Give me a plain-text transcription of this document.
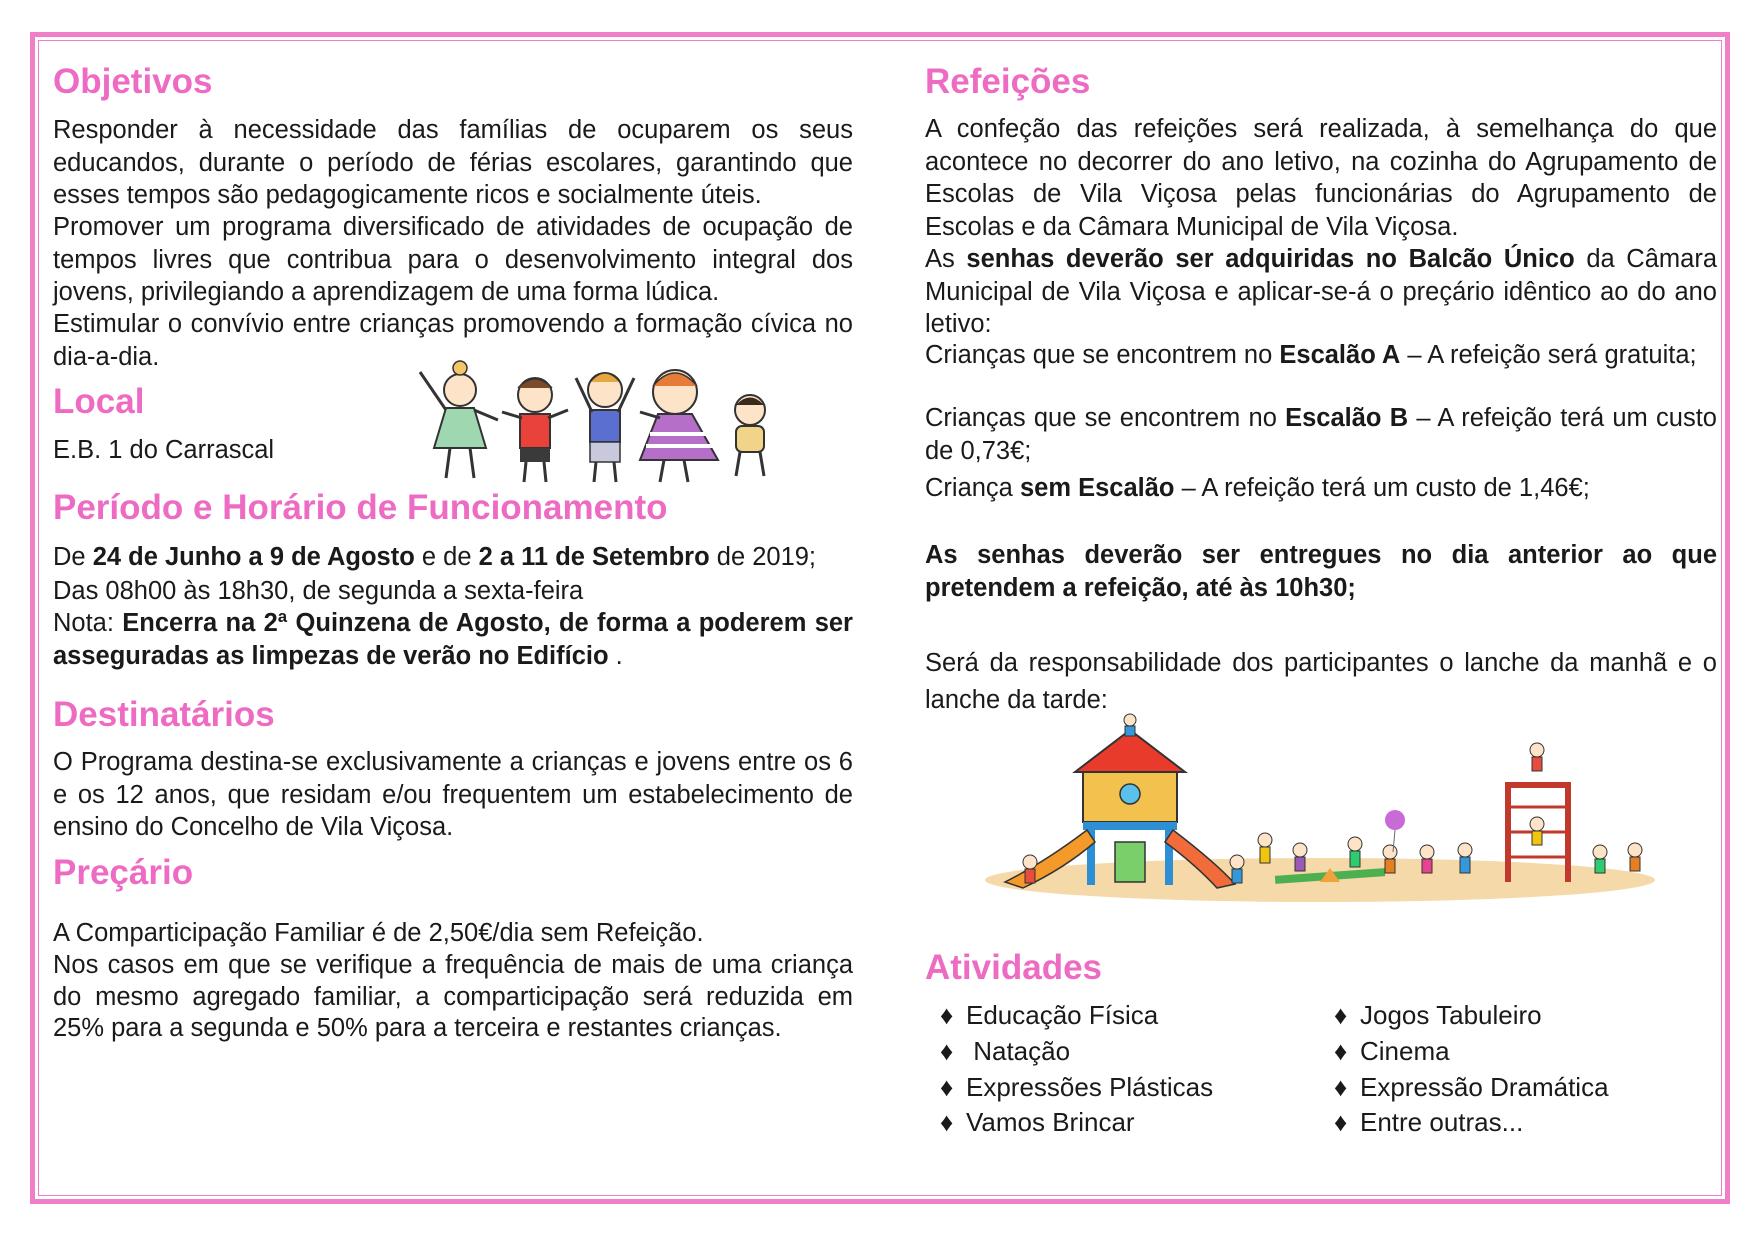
Objetivos

Responder à necessidade das famílias de ocuparem os seus educandos, durante o período de férias escolares, garantindo que esses tempos são pedagogicamente ricos e socialmente úteis.

Promover um programa diversificado de atividades de ocupação de tempos livres que contribua para o desenvolvimento integral dos jovens, privilegiando a aprendizagem de uma forma lúdica.

Estimular o convívio entre crianças promovendo a formação cívica no dia-a-dia.

Local

E.B. 1 do Carrascal

Período e Horário de Funcionamento

De 24 de Junho a 9 de Agosto e de 2 a 11 de Setembro de 2019;

Das 08h00 às 18h30, de segunda a sexta-feira

Nota: Encerra na 2ª Quinzena de Agosto, de forma a poderem ser asseguradas as limpezas de verão no Edifício .

Destinatários

O Programa destina-se exclusivamente a crianças e jovens entre os 6 e os 12 anos, que residam e/ou frequentem um estabelecimento de ensino do Concelho de Vila Viçosa.

Preçário

A Comparticipação Familiar é de 2,50€/dia sem Refeição.

Nos casos em que se verifique a frequência de mais de uma criança do mesmo agregado familiar, a comparticipação será reduzida em 25% para a segunda e 50% para a terceira e restantes crianças.

Refeições

A confeção das refeições será realizada, à semelhança do que acontece no decorrer do ano letivo, na cozinha do Agrupamento de Escolas de Vila Viçosa pelas funcionárias do Agrupamento de Escolas e da Câmara Municipal de Vila Viçosa.

As senhas deverão ser adquiridas no Balcão Único da Câmara Municipal de Vila Viçosa e aplicar-se-á o preçário idêntico ao do ano letivo:

Crianças que se encontrem no Escalão A – A refeição será gratuita;

Crianças que se encontrem no Escalão B – A refeição terá um custo de 0,73€;

Criança sem Escalão – A refeição terá um custo de 1,46€;

As senhas deverão ser entregues no dia anterior ao que pretendem a refeição, até às 10h30;

Será da responsabilidade dos participantes o lanche da manhã e o lanche da tarde:

Atividades
♦ Educação Física
♦ Natação
♦ Expressões Plásticas
♦ Vamos Brincar
♦ Jogos Tabuleiro
♦ Cinema
♦ Expressão Dramática
♦ Entre outras...
